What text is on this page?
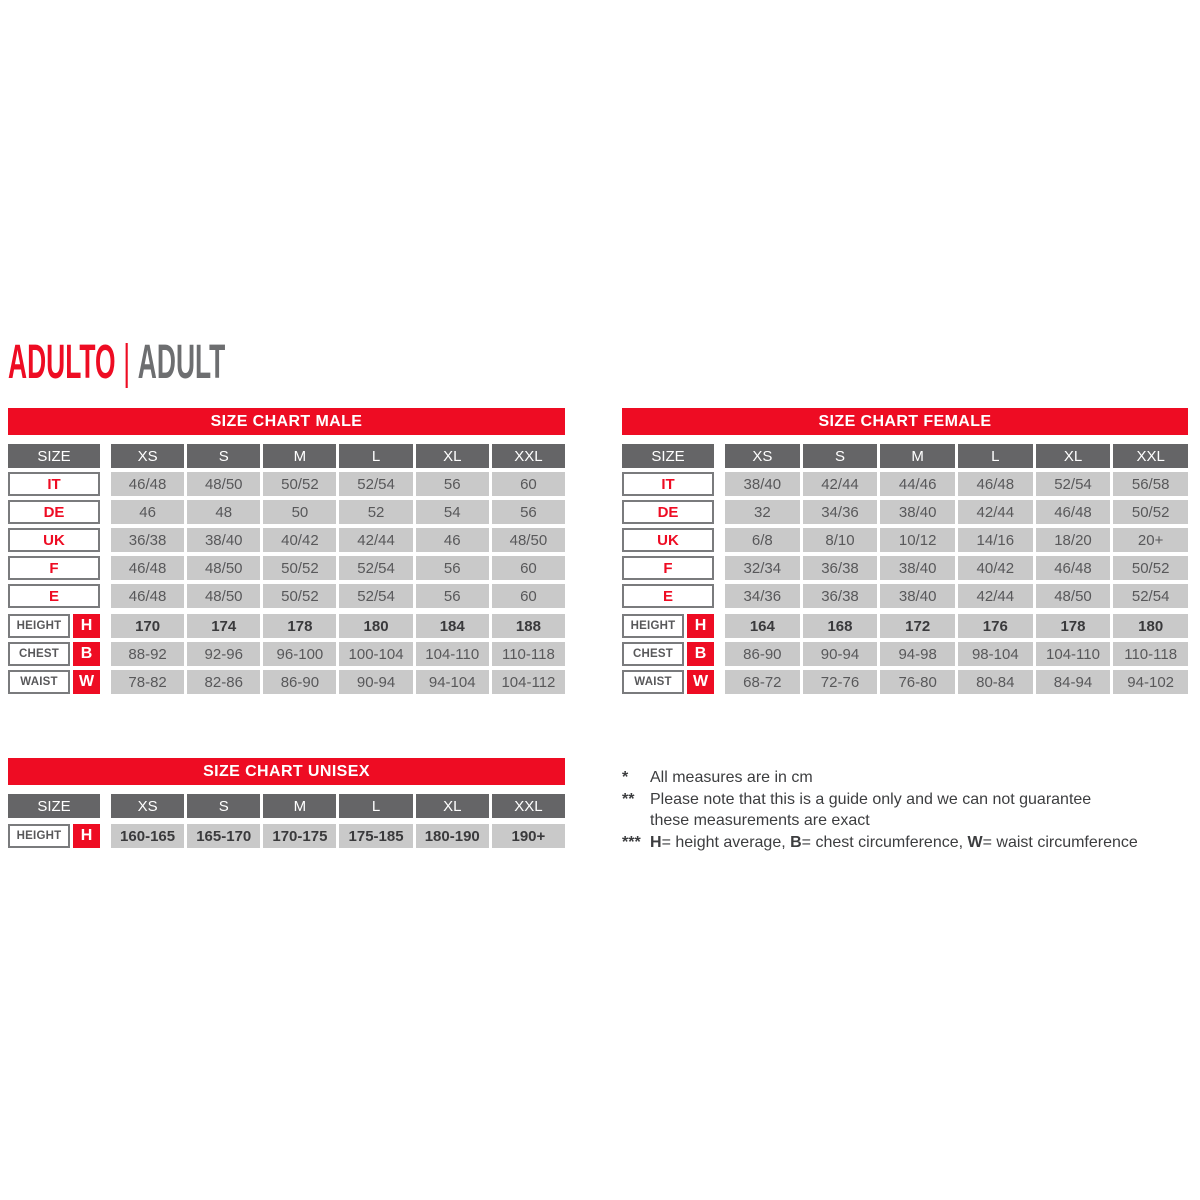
ADULTO | ADULT
SIZE CHART MALE
SIZE	XS	S	M	L	XL	XXL
IT	46/48	48/50	50/52	52/54	56	60
DE	46	48	50	52	54	56
UK	36/38	38/40	40/42	42/44	46	48/50
F	46/48	48/50	50/52	52/54	56	60
E	46/48	48/50	50/52	52/54	56	60
HEIGHT	H	170	174	178	180	184	188
CHEST	B	88-92	92-96	96-100	100-104	104-110	110-118
WAIST	W	78-82	82-86	86-90	90-94	94-104	104-112
SIZE CHART FEMALE
SIZE	XS	S	M	L	XL	XXL
IT	38/40	42/44	44/46	46/48	52/54	56/58
DE	32	34/36	38/40	42/44	46/48	50/52
UK	6/8	8/10	10/12	14/16	18/20	20+
F	32/34	36/38	38/40	40/42	46/48	50/52
E	34/36	36/38	38/40	42/44	48/50	52/54
HEIGHT	H	164	168	172	176	178	180
CHEST	B	86-90	90-94	94-98	98-104	104-110	110-118
WAIST	W	68-72	72-76	76-80	80-84	84-94	94-102
SIZE CHART UNISEX
SIZE	XS	S	M	L	XL	XXL
HEIGHT	H	160-165	165-170	170-175	175-185	180-190	190+
*	All measures are in cm
** Please note that this is a guide only and we can not guarantee these measurements are exact
*** H= height average, B= chest circumference, W= waist circumference
